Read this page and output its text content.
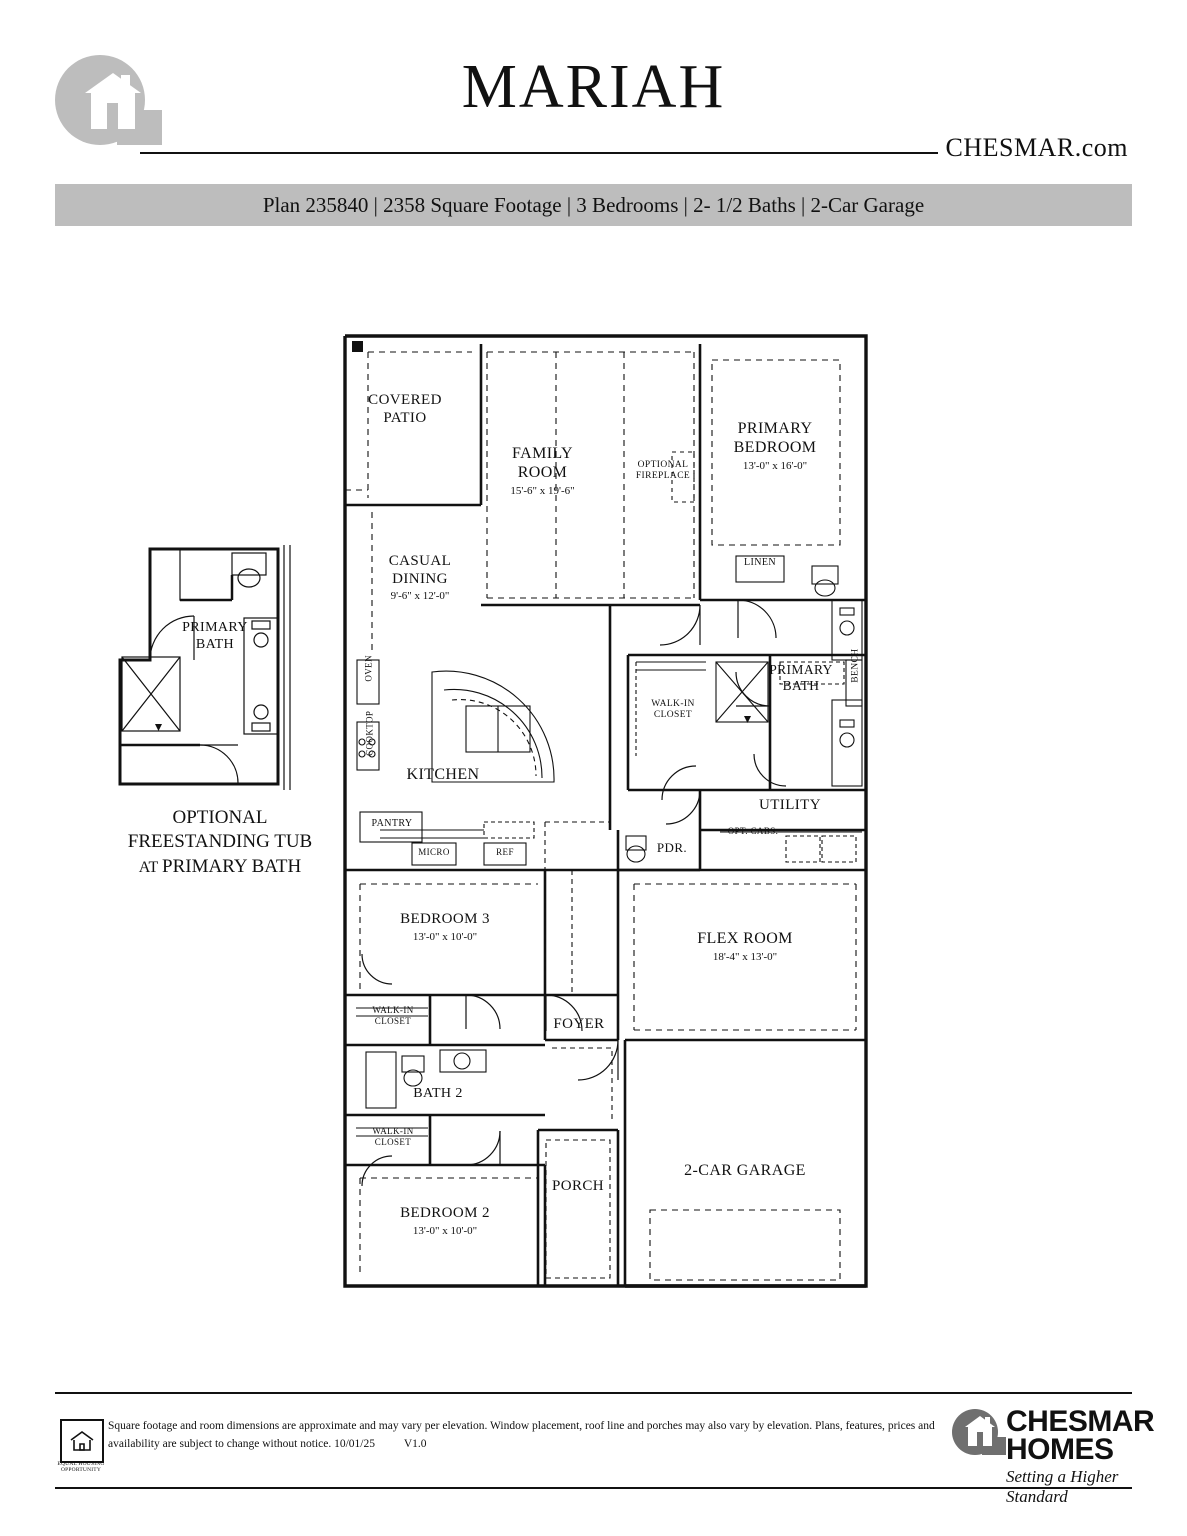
MARIAH
CHESMAR.com
Plan 235840 | 2358 Square Footage | 3 Bedrooms | 2- 1/2 Baths | 2-Car Garage
COVERED
PATIO
FAMILY
ROOM
15'-6" x 19'-6"
PRIMARY
BEDROOM
13'-0" x 16'-0"
CASUAL
DINING
9'-6" x 12'-0"
KITCHEN
PRIMARY
BATH
UTILITY
FLEX ROOM
18'-4" x 13'-0"
BEDROOM 3
13'-0" x 10'-0"
BEDROOM 2
13'-0" x 10'-0"
FOYER
BATH 2
PORCH
2-CAR GARAGE
OPTIONAL
FIREPLACE
LINEN
BENCH
WALK-IN
CLOSET
OVEN
COOKTOP
PANTRY
MICRO	REF	PDR.
OPT. CABS.
WALK-IN
CLOSET
WALK-IN
CLOSET
PRIMARY
BATH
OPTIONAL
FREESTANDING TUB
AT PRIMARY BATH
EQUAL HOUSING OPPORTUNITY
Square footage and room dimensions are approximate and may vary per elevation. Window placement, roof line and porches may also vary by elevation. Plans, features, prices and availability are subject to change without notice. 10/01/25	V1.0
CHESMAR
HOMES
Setting a Higher Standard
